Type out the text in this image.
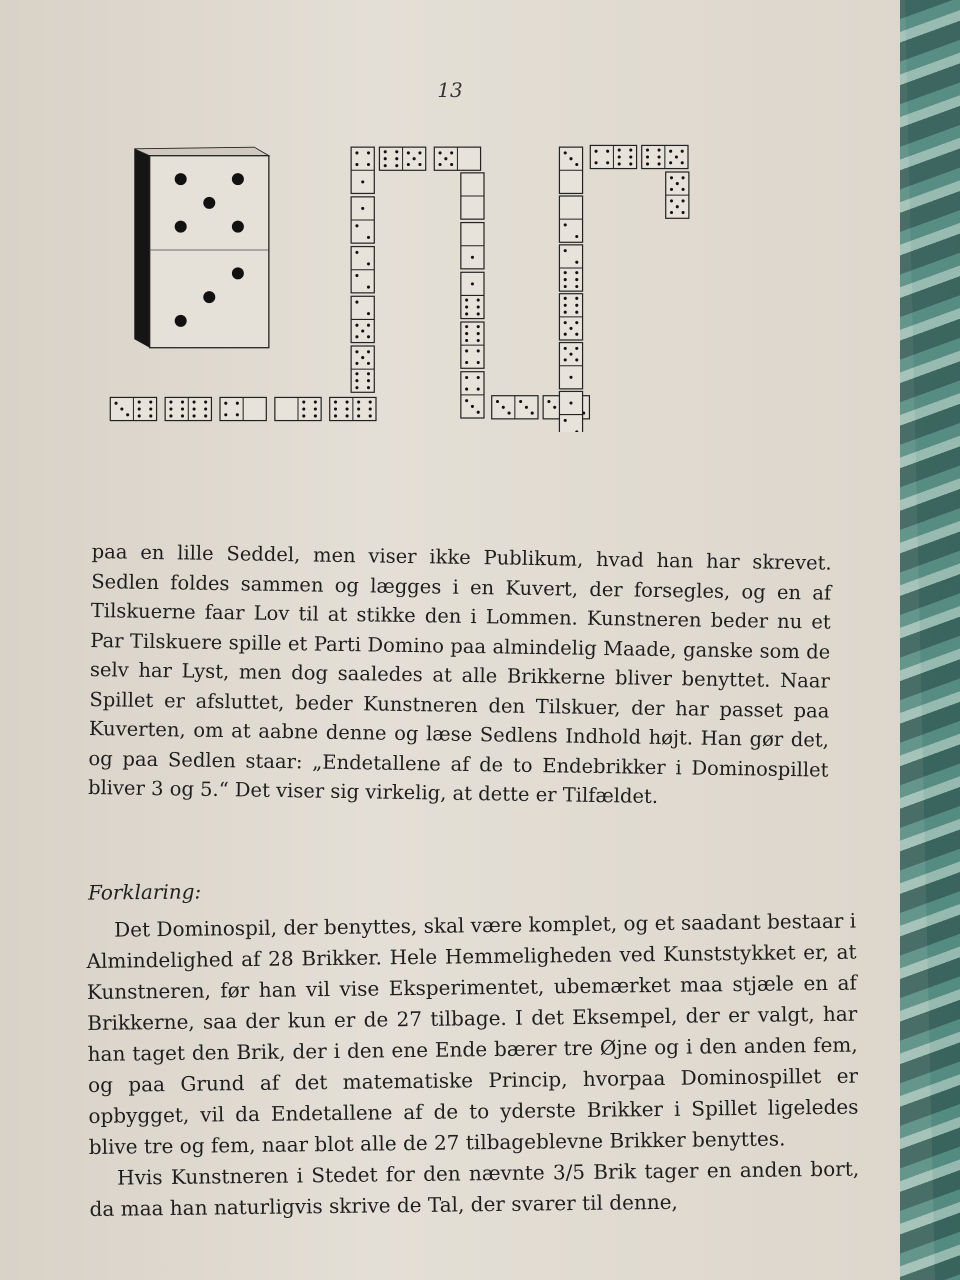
13
paa en lille Seddel, men viser ikke Publikum, hvad han har skrevet. Sedlen foldes sammen og lægges i en Kuvert, der forsegles, og en af Tilskuerne faar Lov til at stikke den i Lommen. Kunstneren beder nu et Par Tilskuere spille et Parti Domino paa almindelig Maade, ganske som de selv har Lyst, men dog saaledes at alle Brikkerne bliver benyttet. Naar Spillet er afsluttet, beder Kunstneren den Tilskuer, der har passet paa Kuverten, om at aabne denne og læse Sedlens Indhold højt. Han gør det, og paa Sedlen staar: „Endetallene af de to Endebrikker i Dominospillet bliver 3 og 5.“ Det viser sig virkelig, at dette er Tilfældet.
Forklaring:

Det Dominospil, der benyttes, skal være komplet, og et saadant bestaar i Almindelighed af 28 Brikker. Hele Hemmeligheden ved Kunststykket er, at Kunstneren, før han vil vise Eksperimentet, ubemærket maa stjæle en af Brikkerne, saa der kun er de 27 tilbage. I det Eksempel, der er valgt, har han taget den Brik, der i den ene Ende bærer tre Øjne og i den anden fem, og paa Grund af det matematiske Princip, hvorpaa Dominospillet er opbygget, vil da Endetallene af de to yderste Brikker i Spillet ligeledes blive tre og fem, naar blot alle de 27 tilbageblevne Brikker benyttes.

Hvis Kunstneren i Stedet for den nævnte 3/5 Brik tager en anden bort, da maa han naturligvis skrive de Tal, der svarer til denne,
